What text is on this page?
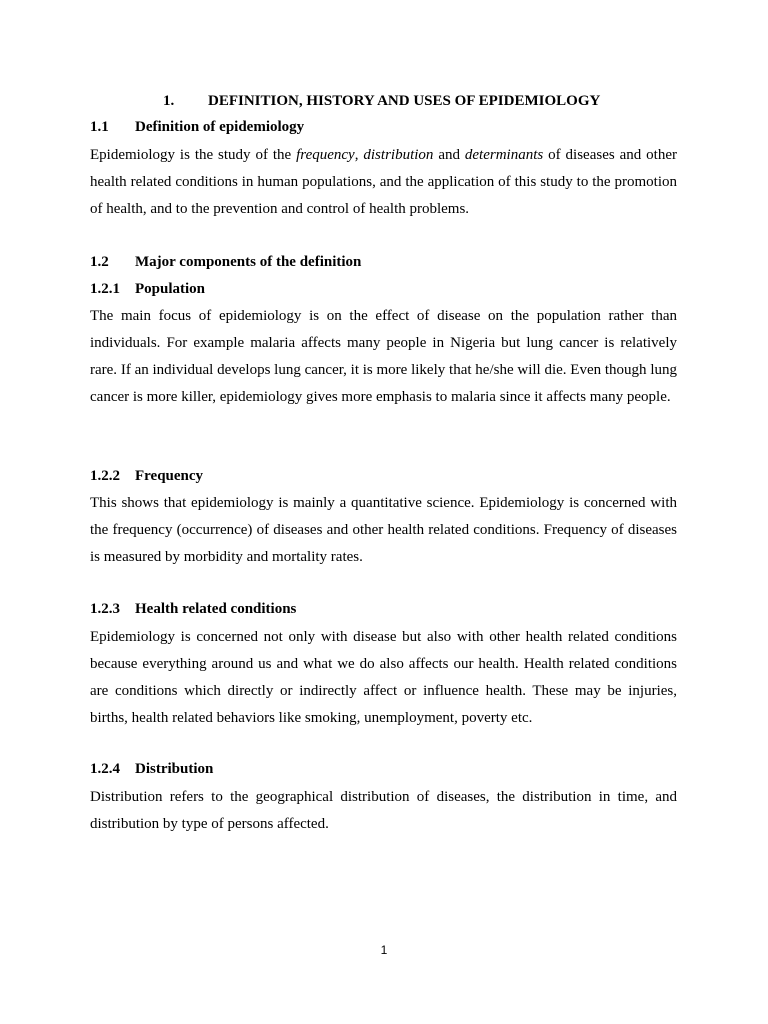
1. DEFINITION, HISTORY AND USES OF EPIDEMIOLOGY
1.1 Definition of epidemiology

Epidemiology is the study of the frequency, distribution and determinants of diseases and other health related conditions in human populations, and the application of this study to the promotion of health, and to the prevention and control of health problems.

1.2 Major components of the definition
1.2.1 Population

The main focus of epidemiology is on the effect of disease on the population rather than individuals. For example malaria affects many people in Nigeria but lung cancer is relatively rare. If an individual develops lung cancer, it is more likely that he/she will die. Even though lung cancer is more killer, epidemiology gives more emphasis to malaria since it affects many people.

1.2.2 Frequency

This shows that epidemiology is mainly a quantitative science. Epidemiology is concerned with the frequency (occurrence) of diseases and other health related conditions. Frequency of diseases is measured by morbidity and mortality rates.

1.2.3 Health related conditions

Epidemiology is concerned not only with disease but also with other health related conditions because everything around us and what we do also affects our health. Health related conditions are conditions which directly or indirectly affect or influence health. These may be injuries, births, health related behaviors like smoking, unemployment, poverty etc.

1.2.4 Distribution

Distribution refers to the geographical distribution of diseases, the distribution in time, and distribution by type of persons affected.

1
